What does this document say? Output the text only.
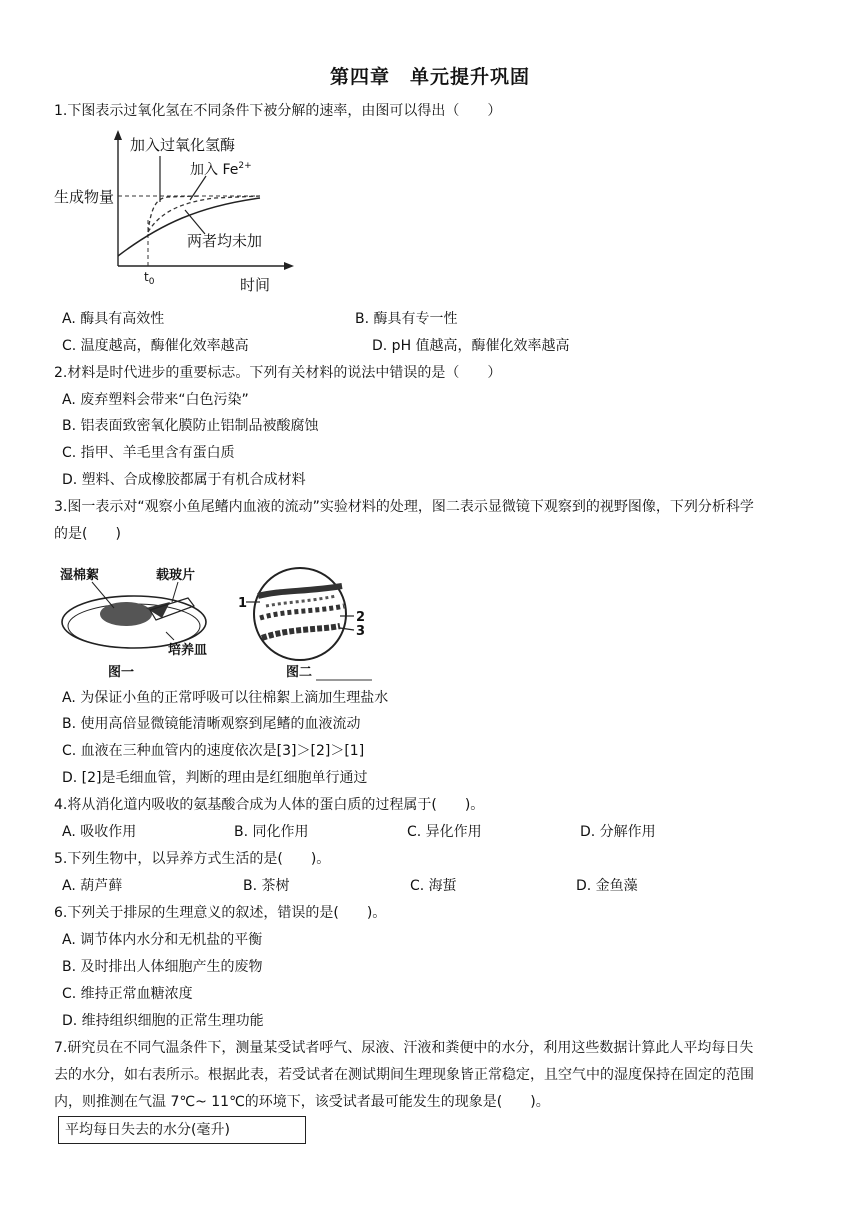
第四章　单元提升巩固
1.下图表示过氧化氢在不同条件下被分解的速率，由图可以得出（　　）
加入过氧化氢酶
加入 $Fe^{2+}$
生成物量
两者均未加
$t_0$	时间
A. 酶具有高效性	B. 酶具有专一性
C. 温度越高，酶催化效率越高	D. pH 值越高，酶催化效率越高
2.材料是时代进步的重要标志。下列有关材料的说法中错误的是（　　）
A. 废弃塑料会带来“白色污染”
B. 铝表面致密氧化膜防止铝制品被酸腐蚀
C. 指甲、羊毛里含有蛋白质
D. 塑料、合成橡胶都属于有机合成材料
3.图一表示对“观察小鱼尾鳍内血液的流动”实验材料的处理，图二表示显微镜下观察到的视野图像，下列分析科学
的是(　　)
湿棉絮	载玻片
培养皿
图一
1
2
3
图二
A. 为保证小鱼的正常呼吸可以往棉絮上滴加生理盐水
B. 使用高倍显微镜能清晰观察到尾鳍的血液流动
C. 血液在三种血管内的速度依次是[3]＞[2]＞[1]
D. [2]是毛细血管，判断的理由是红细胞单行通过
4.将从消化道内吸收的氨基酸合成为人体的蛋白质的过程属于(　　)。
A. 吸收作用	B. 同化作用	C. 异化作用	D. 分解作用
5.下列生物中，以异养方式生活的是(　　)。
A. 葫芦藓	B. 茶树	C. 海蜇	D. 金鱼藻
6.下列关于排尿的生理意义的叙述，错误的是(　　)。
A. 调节体内水分和无机盐的平衡
B. 及时排出人体细胞产生的废物
C. 维持正常血糖浓度
D. 维持组织细胞的正常生理功能
7.研究员在不同气温条件下，测量某受试者呼气、尿液、汗液和粪便中的水分，利用这些数据计算此人平均每日失
去的水分，如右表所示。根据此表，若受试者在测试期间生理现象皆正常稳定，且空气中的湿度保持在固定的范围
内，则推测在气温 7℃~ 11℃的环境下，该受试者最可能发生的现象是(　　)。
平均每日失去的水分(毫升)
